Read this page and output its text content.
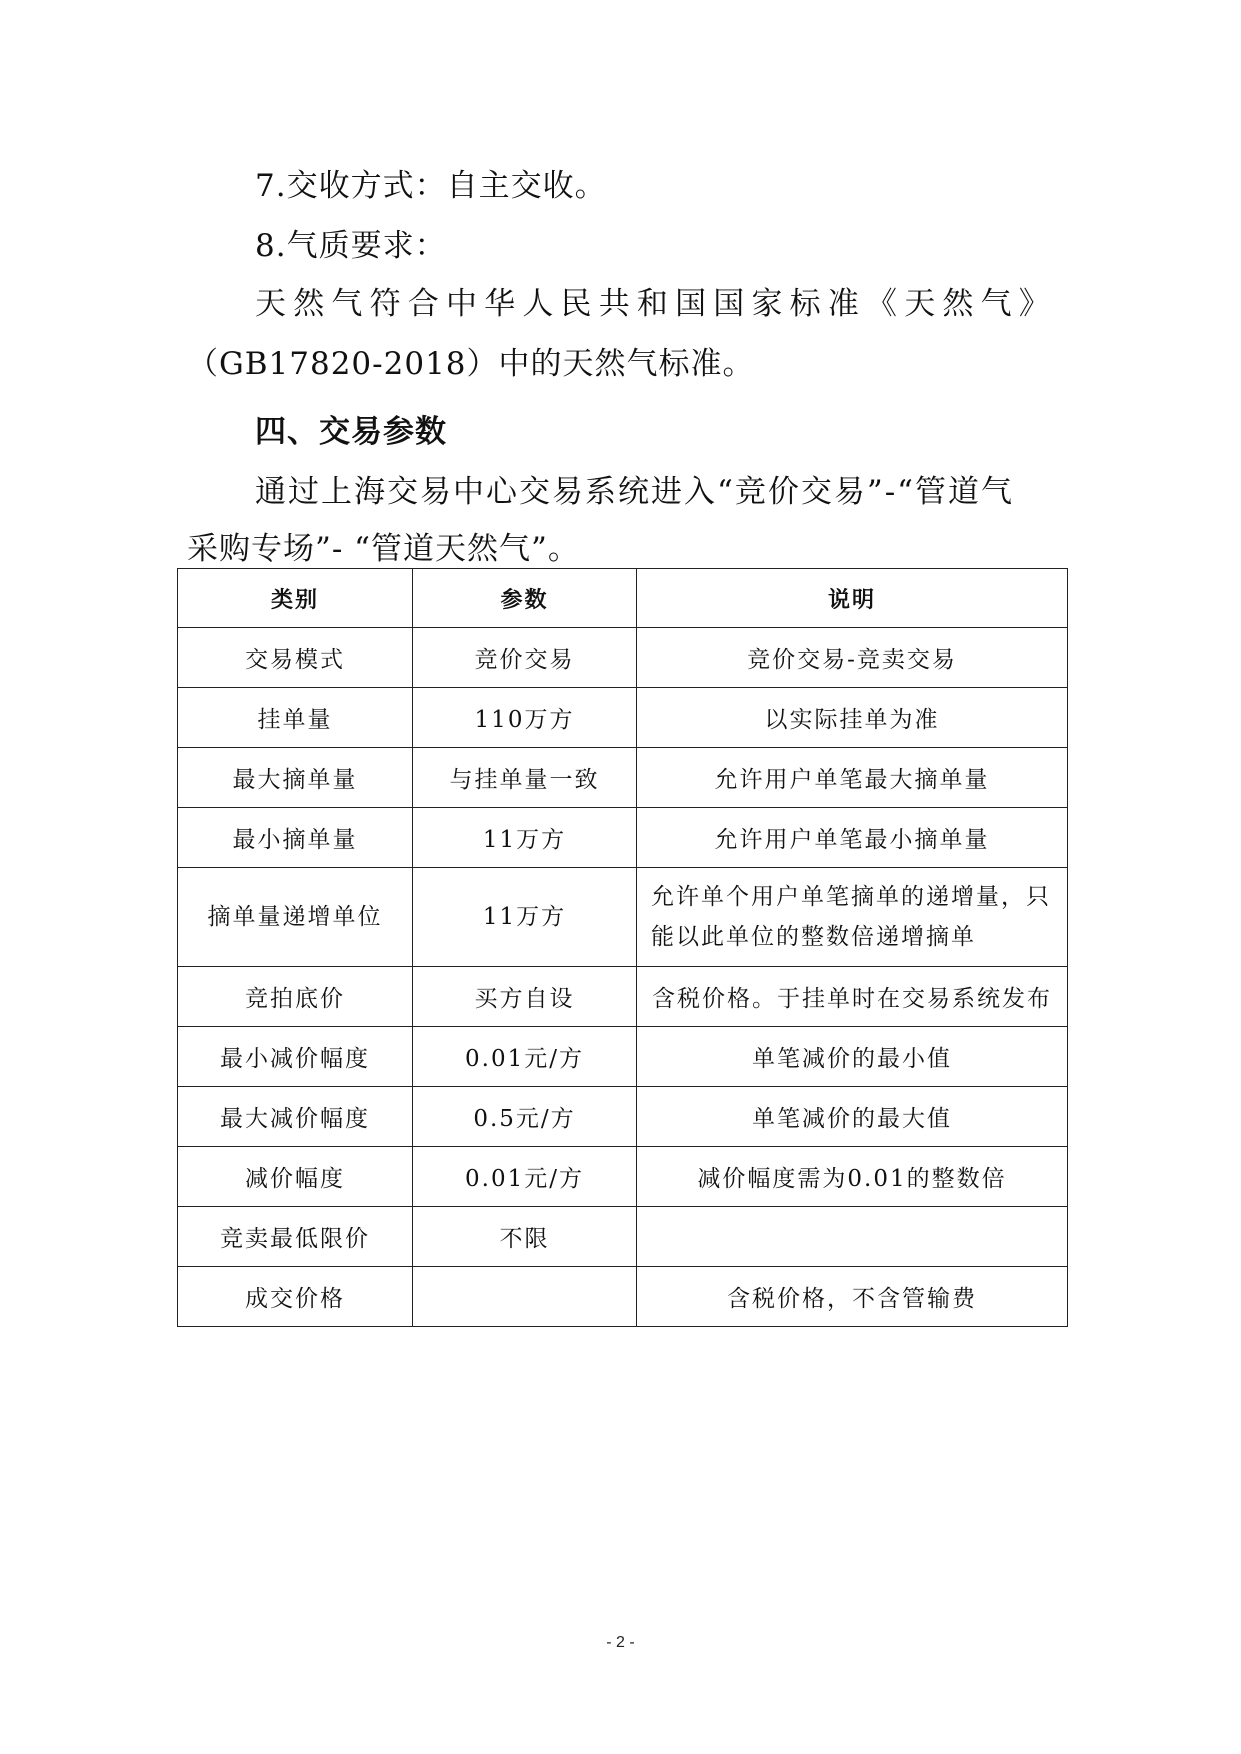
7.交收方式：自主交收。
8.气质要求：
天 然 气 符 合 中 华 人 民 共 和 国 国 家 标 准 《 天 然 气 》
（GB17820-2018）中的天然气标准。
四、交易参数
通过上海交易中心交易系统进入“竞价交易”-“管道气
采购专场”- “管道天然气”。
类别	参数	说明
交易模式	竞价交易	竞价交易-竞卖交易
挂单量	110万方	以实际挂单为准
最大摘单量	与挂单量一致	允许用户单笔最大摘单量
最小摘单量	11万方	允许用户单笔最小摘单量
摘单量递增单位	11万方	允许单个用户单笔摘单的递增量，只能以此单位的整数倍递增摘单
竞拍底价	买方自设	含税价格。于挂单时在交易系统发布
最小减价幅度	0.01元/方	单笔减价的最小值
最大减价幅度	0.5元/方	单笔减价的最大值
减价幅度	0.01元/方	减价幅度需为0.01的整数倍
竞卖最低限价	不限	
成交价格		含税价格，不含管输费
- 2 -
